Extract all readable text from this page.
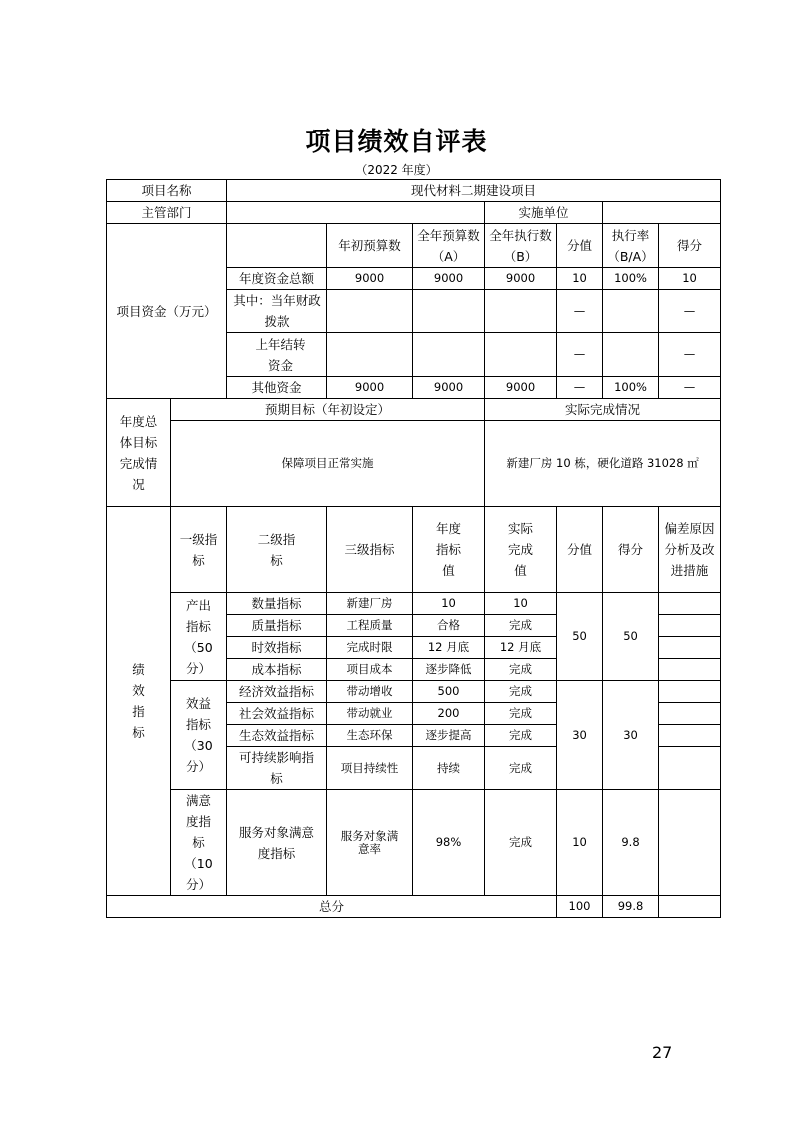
项目绩效自评表
（2022 年度）
项目名称		现代材料二期建设项目						
主管部门					实施单位			
项目资金（万元）			年初预算数	全年预算数（A）	全年执行数（B）	分值	执行率（B/A）	得分
		年度资金总额	9000	9000	9000	10	100%	10
		其中：当年财政拨款				—		—
		上年结转资金				—		—
		其他资金	9000	9000	9000	—	100%	—
年度总体目标完成情况	预期目标（年初设定）				实际完成情况			
	保障项目正常实施				新建厂房 10 栋，硬化道路 31028 ㎡			
绩效指标	一级指标	二级指标	三级指标	年度指标值	实际完成值	分值	得分	偏差原因分析及改进措施
	产出指标（50分）	数量指标	新建厂房	10	10	50	50	
		质量指标	工程质量	合格	完成			
		时效指标	完成时限	12 月底	12 月底			
		成本指标	项目成本	逐步降低	完成			
	效益指标（30分）	经济效益指标	带动增收	500	完成	30	30	
		社会效益指标	带动就业	200	完成			
		生态效益指标	生态环保	逐步提高	完成			
		可持续影响指标	项目持续性	持续	完成			
	满意度指标（10分）	服务对象满意度指标	服务对象满意率	98%	完成	10	9.8	
总分						100	99.8	
27
